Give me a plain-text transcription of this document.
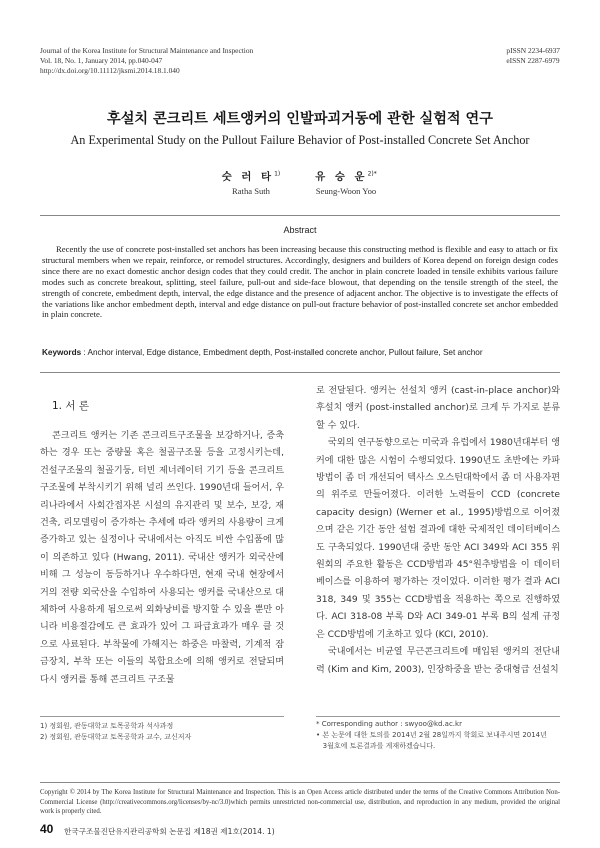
Journal of the Korea Institute for Structural Maintenance and Inspection
Vol. 18, No. 1, January 2014, pp.040-047
http://dx.doi.org/10.11112/jksmi.2014.18.1.040
pISSN 2234-6937
eISSN 2287-6979
후설치 콘크리트 세트앵커의 인발파괴거동에 관한 실험적 연구
An Experimental Study on the Pullout Failure Behavior of Post-installed Concrete Set Anchor
숫 러 타$^{1)}$
Ratha Suth
유 승 운$^{2)*}$
Seung-Woon Yoo
Abstract
Recently the use of concrete post-installed set anchors has been increasing because this constructing method is flexible and easy to attach or fix structural members when we repair, reinforce, or remodel structures. Accordingly, designers and builders of Korea depend on foreign design codes since there are no exact domestic anchor design codes that they could credit. The anchor in plain concrete loaded in tensile exhibits various failure modes such as concrete breakout, splitting, steel failure, pull-out and side-face blowout, that depending on the tensile strength of the steel, the strength of concrete, embedment depth, interval, the edge distance and the presence of adjacent anchor. The objective is to investigate the effects of the variations like anchor embedment depth, interval and edge distance on pull-out fracture behavior of post-installed concrete set anchor embedded in plain concrete.
Keywords : Anchor interval, Edge distance, Embedment depth, Post-installed concrete anchor, Pullout failure, Set anchor
1. 서 론

콘크리트 앵커는 기존 콘크리트구조물을 보강하거나, 증축하는 경우 또는 중량물 혹은 철골구조물 등을 고정시키는데, 건설구조물의 철골기둥, 터빈 제너레이터 기기 등을 콘크리트 구조물에 부착시키기 위해 널리 쓰인다. 1990년대 들어서, 우리나라에서 사회간접자본 시설의 유지관리 및 보수, 보강, 재건축, 리모델링이 증가하는 추세에 따라 앵커의 사용량이 크게 증가하고 있는 실정이나 국내에서는 아직도 비싼 수입품에 많이 의존하고 있다 (Hwang, 2011). 국내산 앵커가 외국산에 비해 그 성능이 동등하거나 우수하다면, 현재 국내 현장에서 거의 전량 외국산을 수입하여 사용되는 앵커를 국내산으로 대체하여 사용하게 됨으로써 외화낭비를 방지할 수 있을 뿐만 아니라 비용절감에도 큰 효과가 있어 그 파급효과가 매우 클 것으로 사료된다. 부착물에 가해지는 하중은 마찰력, 기계적 잠금장치, 부착 또는 이들의 복합요소에 의해 앵커로 전달되며 다시 앵커를 통해 콘크리트 구조물

로 전달된다. 앵커는 선설치 앵커 (cast-in-place anchor)와 후설치 앵커 (post-installed anchor)로 크게 두 가지로 분류할 수 있다.

국외의 연구동향으로는 미국과 유럽에서 1980년대부터 앵커에 대한 많은 시험이 수행되었다. 1990년도 초반에는 카파방법이 좀 더 개선되어 텍사스 오스틴대학에서 좀 더 사용자편의 위주로 만들어졌다. 이러한 노력들이 CCD (concrete capacity design) (Werner et al., 1995)방법으로 이어졌으며 같은 기간 동안 설험 결과에 대한 국제적인 데이터베이스도 구축되었다. 1990년대 중반 동안 ACI 349와 ACI 355 위원회의 주요한 활동은 CCD방법과 45°원추방법을 이 데이터베이스를 이용하여 평가하는 것이었다. 이러한 평가 결과 ACI 318, 349 및 355는 CCD방법을 적용하는 쪽으로 진행하였다. ACI 318-08 부록 D와 ACI 349-01 부록 B의 설계 규정은 CCD방법에 기초하고 있다 (KCI, 2010).

국내에서는 비균열 무근콘크리트에 매입된 앵커의 전단내력 (Kim and Kim, 2003), 인장하중을 받는 중대형급 선설치

1) 정회원, 관동대학교 토목공학과 석사과정
2) 정회원, 관동대학교 토목공학과 교수, 교신저자
* Corresponding author : swyoo@kd.ac.kr
• 본 논문에 대한 토의를 2014년 2월 28일까지 학회로 보내주시면 2014년
3월호에 토론결과를 게재하겠습니다.
Copyright © 2014 by The Korea Institute for Structural Maintenance and Inspection. This is an Open Access article distributed under the terms of the Creative Commons Attribution Non-Commercial License (http://creativecommons.org/licenses/by-nc/3.0)which permits unrestricted non-commercial use, distribution, and reproduction in any medium, provided the original work is properly cited.
40 한국구조물진단유지관리공학회 논문집 제18권 제1호(2014. 1)
